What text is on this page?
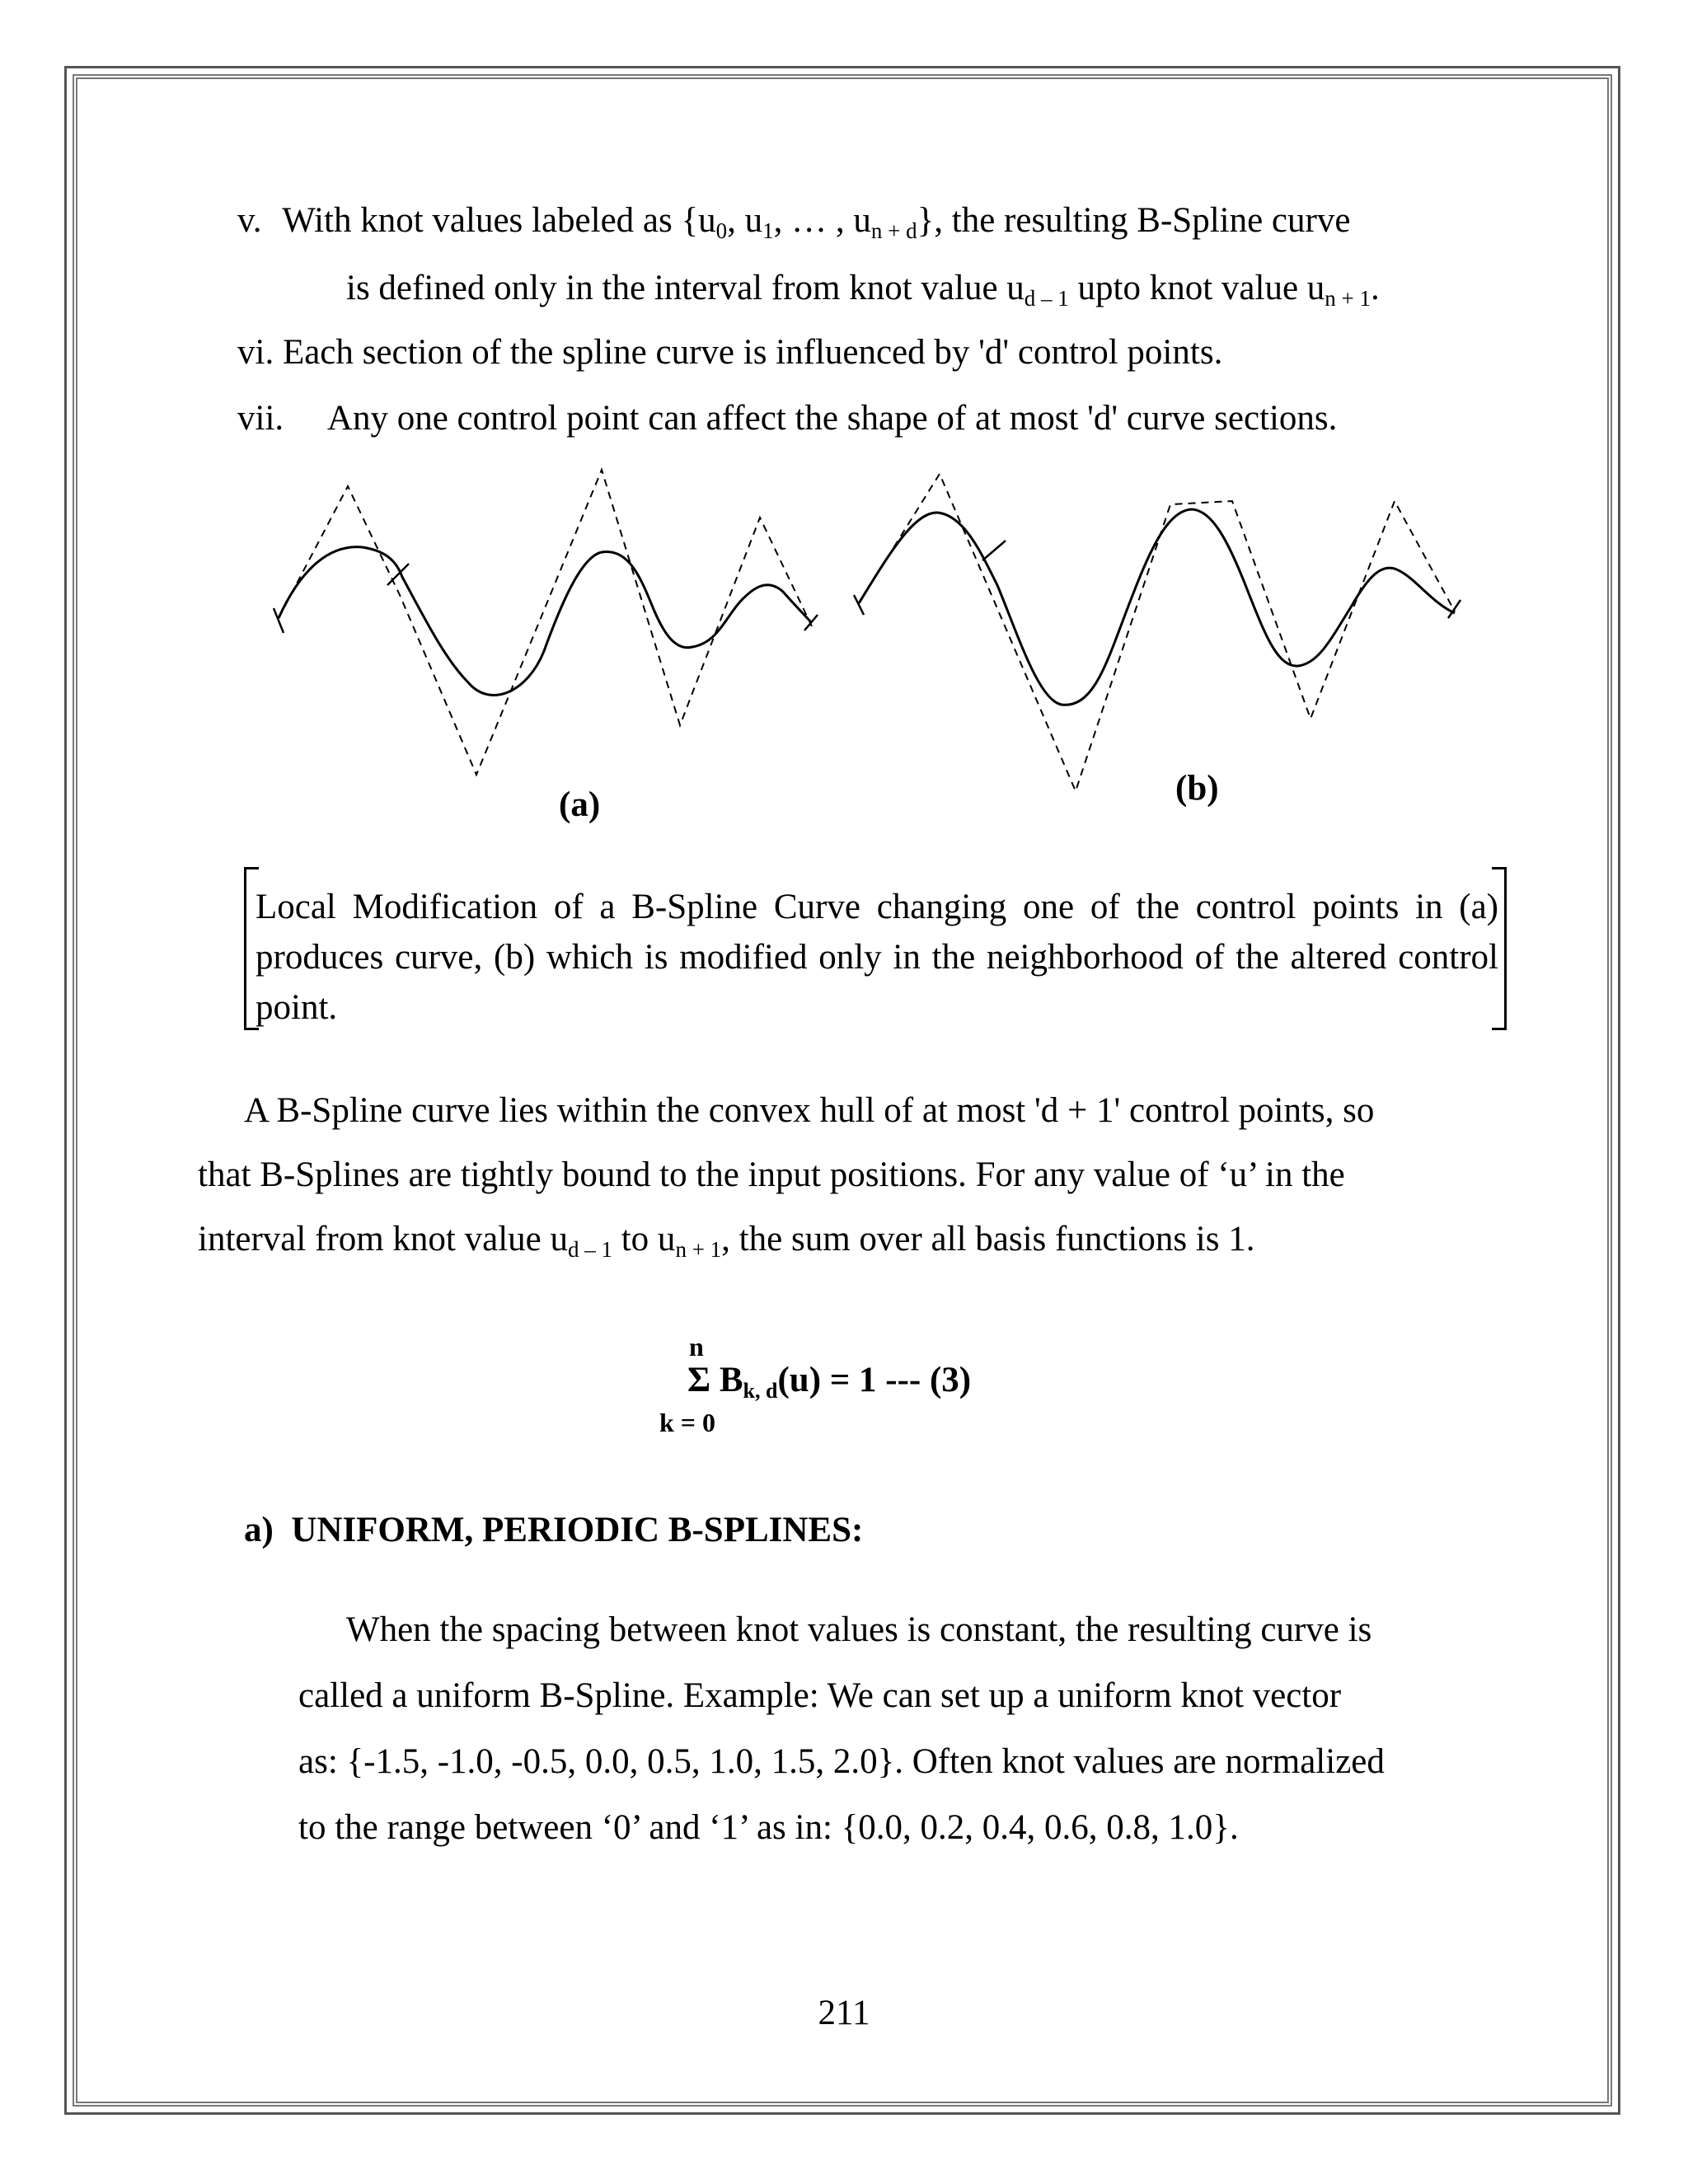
v. With knot values labeled as {$u_0$, $u_1$, … , $u_{n + d}$}, the resulting B-Spline curve
is defined only in the interval from knot value $u_{d - 1}$ upto knot value $u_{n + 1}$.
vi. Each section of the spline curve is influenced by 'd' control points.
vii. Any one control point can affect the shape of at most 'd' curve sections.
(a)	(b)
Local Modification of a B-Spline Curve changing one of the control points in (a) produces curve, (b) which is modified only in the neighborhood of the altered control point.
A B-Spline curve lies within the convex hull of at most 'd + 1' control points, so
that B-Splines are tightly bound to the input positions. For any value of ‘u’ in the
interval from knot value $u_{d - 1}$ to $u_{n + 1}$, the sum over all basis functions is 1.
n
Σ $B_{k, d}(u) = 1$ --- (3)
k = 0
a)  UNIFORM, PERIODIC B-SPLINES:
When the spacing between knot values is constant, the resulting curve is
called a uniform B-Spline. Example: We can set up a uniform knot vector
as: {-1.5, -1.0, -0.5, 0.0, 0.5, 1.0, 1.5, 2.0}. Often knot values are normalized
to the range between ‘0’ and ‘1’ as in: {0.0, 0.2, 0.4, 0.6, 0.8, 1.0}.
211
